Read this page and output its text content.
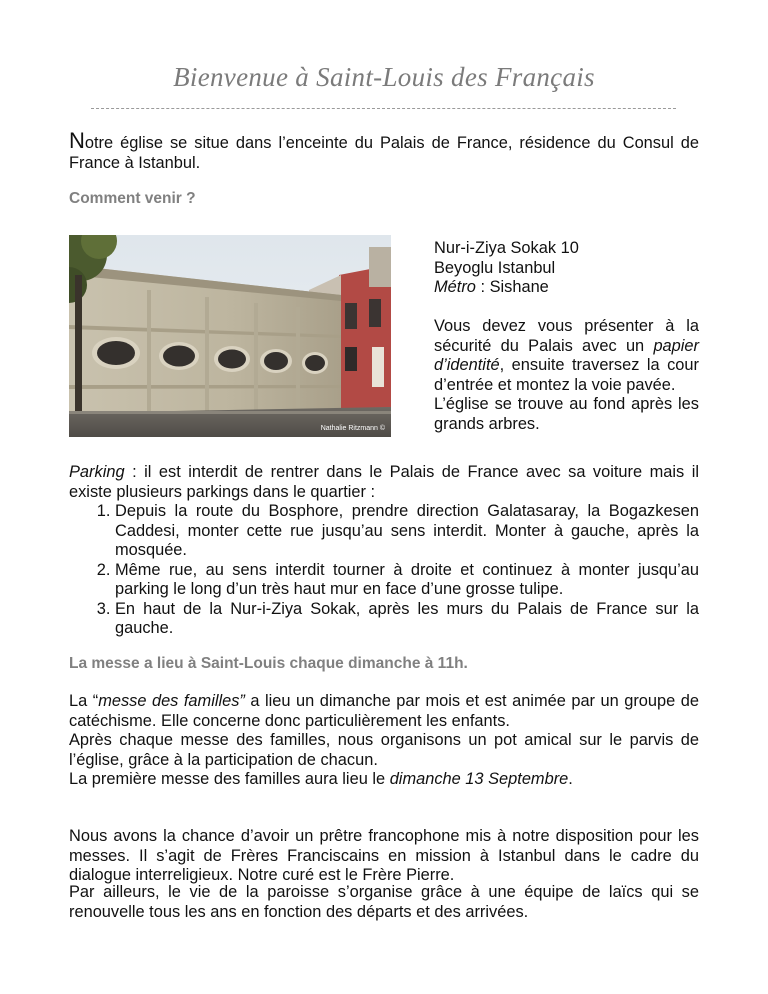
Bienvenue à Saint-Louis des Français

Notre église se situe dans l’enceinte du Palais de France, résidence du Consul de France à Istanbul.

Comment venir ?

Nathalie Ritzmann ©

Nur-i-Ziya Sokak 10
Beyoglu Istanbul
Métro : Sishane

Vous devez vous présenter à la sécurité du Palais avec un papier d’identité, ensuite traversez la cour d’entrée et montez la voie pavée.
L’église se trouve au fond après les grands arbres.

Parking : il est interdit de rentrer dans le Palais de France avec sa voiture mais il existe plusieurs parkings dans le quartier :

1. Depuis la route du Bosphore, prendre direction Galatasaray, la Bogazkesen Caddesi, monter cette rue jusqu’au sens interdit. Monter à gauche, après la mosquée.
2. Même rue, au sens interdit tourner à droite et continuez à monter jusqu’au parking le long d’un très haut mur en face d’une grosse tulipe.
3. En haut de la Nur-i-Ziya Sokak, après les murs du Palais de France sur la gauche.

La messe a lieu à Saint-Louis chaque dimanche à 11h.

La “messe des familles” a lieu un dimanche par mois et est animée par un groupe de catéchisme. Elle concerne donc particulièrement les enfants.
Après chaque messe des familles, nous organisons un pot amical sur le parvis de l’église, grâce à la participation de chacun.
La première messe des familles aura lieu le dimanche 13 Septembre.

Nous avons la chance d’avoir un prêtre francophone mis à notre disposition pour les messes. Il s’agit de Frères Franciscains en mission à Istanbul dans le cadre du dialogue interreligieux. Notre curé est le Frère Pierre.

Par ailleurs, le vie de la paroisse s’organise grâce à une équipe de laïcs qui se renouvelle tous les ans en fonction des départs et des arrivées.
